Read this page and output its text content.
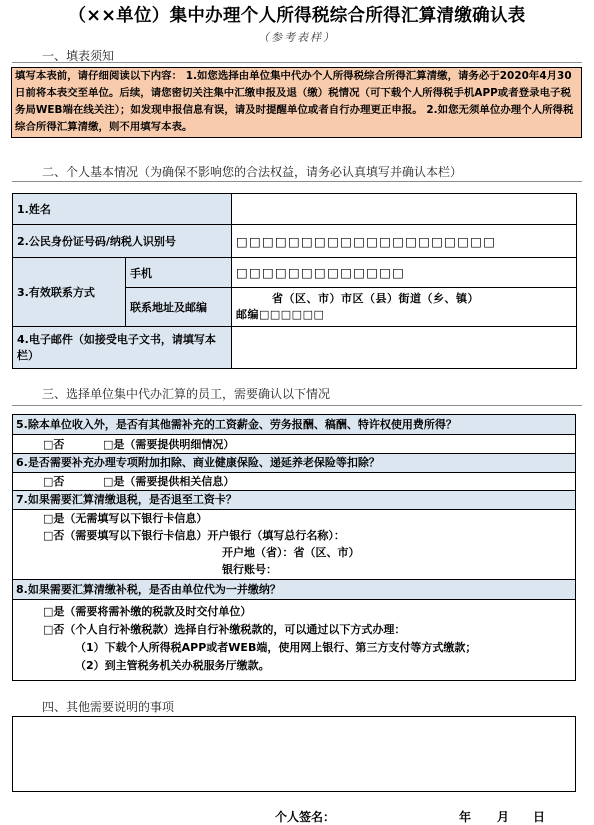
（××单位）集中办理个人所得税综合所得汇算清缴确认表
（参考表样）
一、填表须知
填写本表前，请仔细阅读以下内容： 1.如您选择由单位集中代办个人所得税综合所得汇算清缴，请务必于2020年4月30日前将本表交至单位。后续，请您密切关注集中汇缴申报及退（缴）税情况（可下载个人所得税手机APP或者登录电子税务局WEB端在线关注）；如发现申报信息有误，请及时提醒单位或者自行办理更正申报。 2.如您无须单位办理个人所得税综合所得汇算清缴，则不用填写本表。
二、个人基本情况（为确保不影响您的合法权益，请务必认真填写并确认本栏）
1.姓名		
2.公民身份证号码/纳税人识别号		□□□□□□□□□□□□□□□□□□□□
3.有效联系方式	手机	□□□□□□□□□□□□□
	联系地址及邮编	省（区、市）市区（县）街道（乡、镇）
邮编□□□□□□

4.电子邮件（如接受电子文书，请填写本栏）		
三、选择单位集中代办汇算的员工，需要确认以下情况
5.除本单位收入外，是否有其他需补充的工资薪金、劳务报酬、稿酬、特许权使用费所得？
□否	□是（需要提供明细情况）
6.是否需要补充办理专项附加扣除、商业健康保险、递延养老保险等扣除？
□否	□是（需要提供相关信息）
7.如果需要汇算清缴退税，是否退至工资卡？
□是（无需填写以下银行卡信息）
□否（需要填写以下银行卡信息）开户银行（填写总行名称）：
开户地（省）：省（区、市）
银行账号：
8.如果需要汇算清缴补税，是否由单位代为一并缴纳？
□是（需要将需补缴的税款及时交付单位）
□否（个人自行补缴税款）选择自行补缴税款的，可以通过以下方式办理：
（1）下载个人所得税APP或者WEB端，使用网上银行、第三方支付等方式缴款；
（2）到主管税务机关办税服务厅缴款。
四、其他需要说明的事项
个人签名：	年 月 日
